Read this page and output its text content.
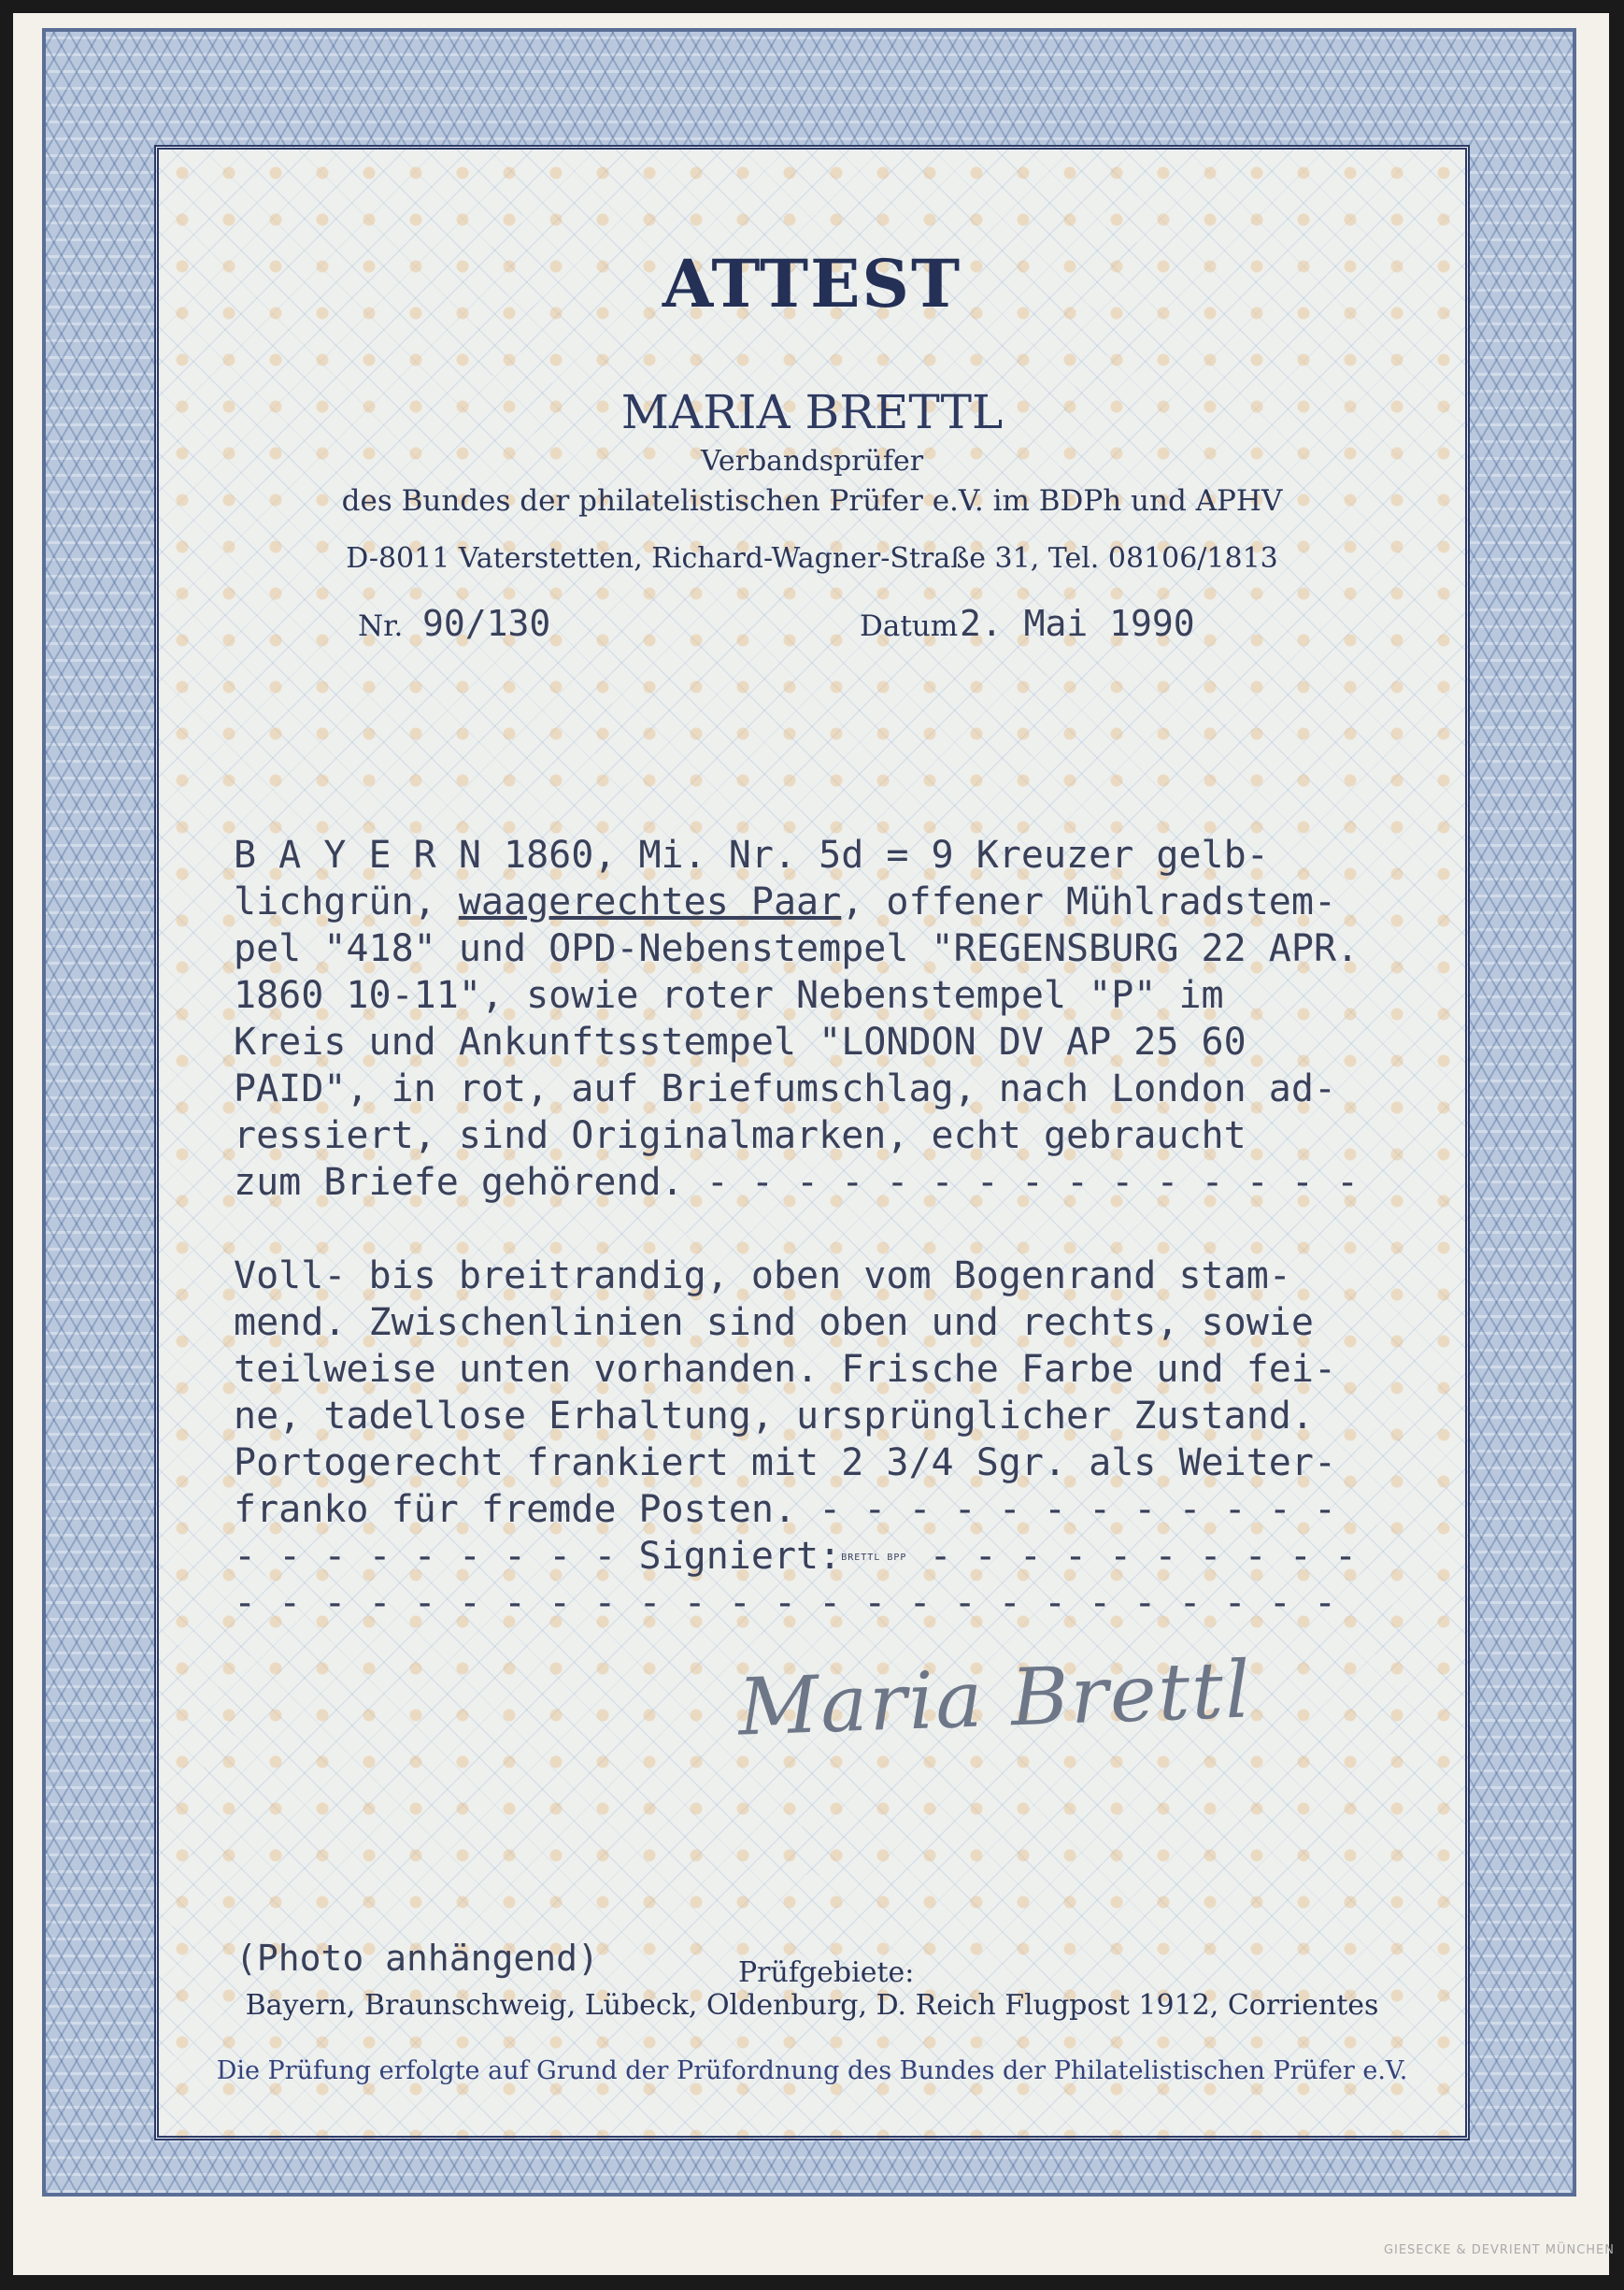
ATTEST
MARIA BRETTL
Verbandsprüfer
des Bundes der philatelistischen Prüfer e.V. im BDPh und APHV
D-8011 Vaterstetten, Richard-Wagner-Straße 31, Tel. 08106/1813
Nr. 90/130	Datum 2. Mai 1990
B A Y E R N 1860, Mi. Nr. 5d = 9 Kreuzer gelb-
lichgrün, waagerechtes Paar, offener Mühlradstem-
pel "418" und OPD-Nebenstempel "REGENSBURG 22 APR.
1860 10-11", sowie roter Nebenstempel "P" im
Kreis und Ankunftsstempel "LONDON DV AP 25 60
PAID", in rot, auf Briefumschlag, nach London ad-
ressiert, sind Originalmarken, echt gebraucht
zum Briefe gehörend. - - - - - - - - - - - - - - -
Voll- bis breitrandig, oben vom Bogenrand stam-
mend. Zwischenlinien sind oben und rechts, sowie
teilweise unten vorhanden. Frische Farbe und fei-
ne, tadellose Erhaltung, ursprünglicher Zustand.
Portogerecht frankiert mit 2 3/4 Sgr. als Weiter-
franko für fremde Posten. - - - - - - - - - - - -
- - - - - - - - - Signiert:BRETTL BPP - - - - - - - - - -
- - - - - - - - - - - - - - - - - - - - - - - - -
Maria Brettl
(Photo anhängend)	Prüfgebiete:
Bayern, Braunschweig, Lübeck, Oldenburg, D. Reich Flugpost 1912, Corrientes
Die Prüfung erfolgte auf Grund der Prüfordnung des Bundes der Philatelistischen Prüfer e.V.
GIESECKE & DEVRIENT MÜNCHEN
